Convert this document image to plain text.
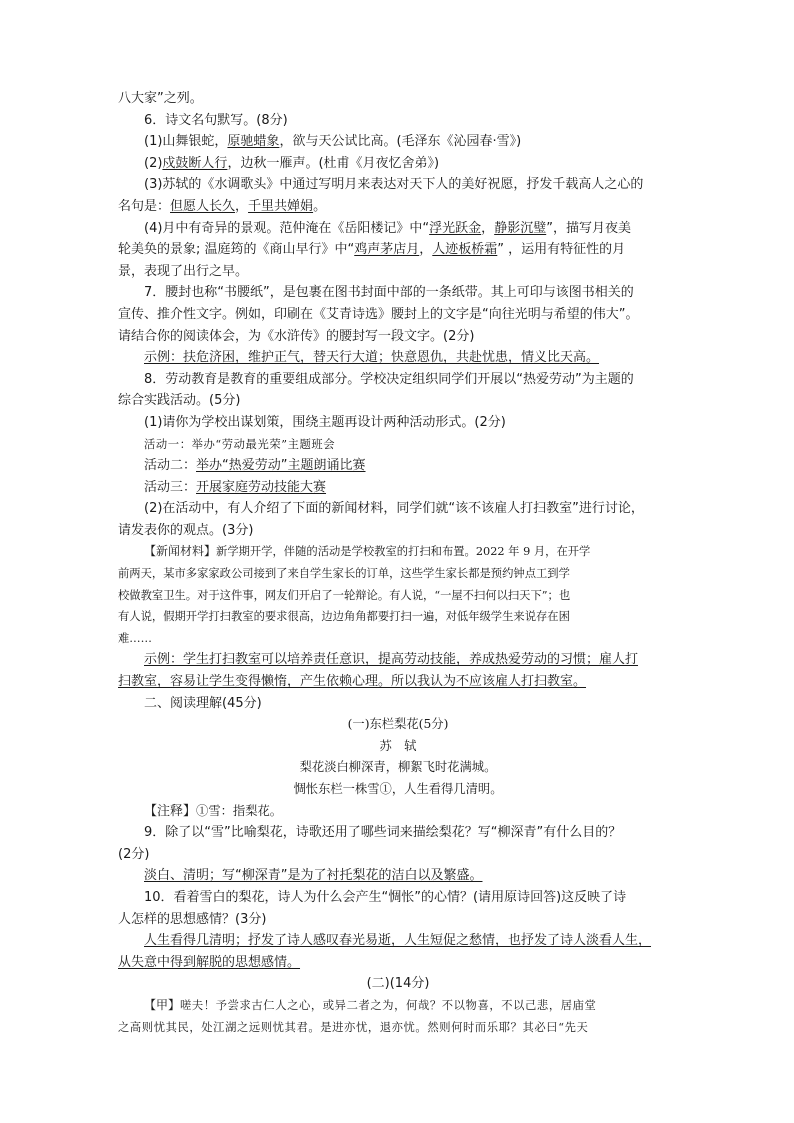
八大家”之列。
6．诗文名句默写。(8分)
(1)山舞银蛇，原驰蜡象，欲与天公试比高。(毛泽东《沁园春·雪》)
(2)戍鼓断人行，边秋一雁声。(杜甫《月夜忆舍弟》)
(3)苏轼的《水调歌头》中通过写明月来表达对天下人的美好祝愿，抒发千载高人之心的
名句是：但愿人长久，千里共婵娟。
(4)月中有奇异的景观。范仲淹在《岳阳楼记》中“浮光跃金，静影沉璧”，描写月夜美
轮美奂的景象; 温庭筠的《商山早行》中“鸡声茅店月，人迹板桥霜” ，运用有特征性的月
景，表现了出行之早。
7．腰封也称“书腰纸”，是包裹在图书封面中部的一条纸带。其上可印与该图书相关的
宣传、推介性文字。例如，印刷在《艾青诗选》腰封上的文字是“向往光明与希望的伟大”。
请结合你的阅读体会，为《水浒传》的腰封写一段文字。(2分)
示例：扶危济困，维护正气，替天行大道；快意恩仇，共赴忧患，情义比天高。
8．劳动教育是教育的重要组成部分。学校决定组织同学们开展以“热爱劳动”为主题的
综合实践活动。(5分)
(1)请你为学校出谋划策，围绕主题再设计两种活动形式。(2分)
活动一：举办“劳动最光荣”主题班会
活动二：举办“热爱劳动”主题朗诵比赛
活动三：开展家庭劳动技能大赛
(2)在活动中，有人介绍了下面的新闻材料，同学们就“该不该雇人打扫教室”进行讨论，
请发表你的观点。(3分)
【新闻材料】新学期开学，伴随的活动是学校教室的打扫和布置。2022 年 9 月，在开学
前两天，某市多家家政公司接到了来自学生家长的订单，这些学生家长都是预约钟点工到学
校做教室卫生。对于这件事，网友们开启了一轮辩论。有人说，“一屋不扫何以扫天下”；也
有人说，假期开学打扫教室的要求很高，边边角角都要打扫一遍，对低年级学生来说存在困
难……
示例：学生打扫教室可以培养责任意识，提高劳动技能，养成热爱劳动的习惯；雇人打
扫教室，容易让学生变得懒惰，产生依赖心理。所以我认为不应该雇人打扫教室。
二、阅读理解(45分)
(一)东栏梨花(5分)
苏　轼
梨花淡白柳深青，柳絮飞时花满城。
惆怅东栏一株雪①，人生看得几清明。
【注释】①雪：指梨花。
9．除了以“雪”比喻梨花，诗歌还用了哪些词来描绘梨花？写“柳深青”有什么目的？
(2分)
淡白、清明；写“柳深青”是为了衬托梨花的洁白以及繁盛。
10．看着雪白的梨花，诗人为什么会产生“惆怅”的心情？(请用原诗回答)这反映了诗
人怎样的思想感情？(3分)
人生看得几清明；抒发了诗人感叹春光易逝，人生短促之愁情，也抒发了诗人淡看人生，
从失意中得到解脱的思想感情。
(二)(14分)
【甲】嗟夫！予尝求古仁人之心，或异二者之为，何哉？不以物喜，不以己悲，居庙堂
之高则忧其民，处江湖之远则忧其君。是进亦忧，退亦忧。然则何时而乐耶？其必曰“先天
